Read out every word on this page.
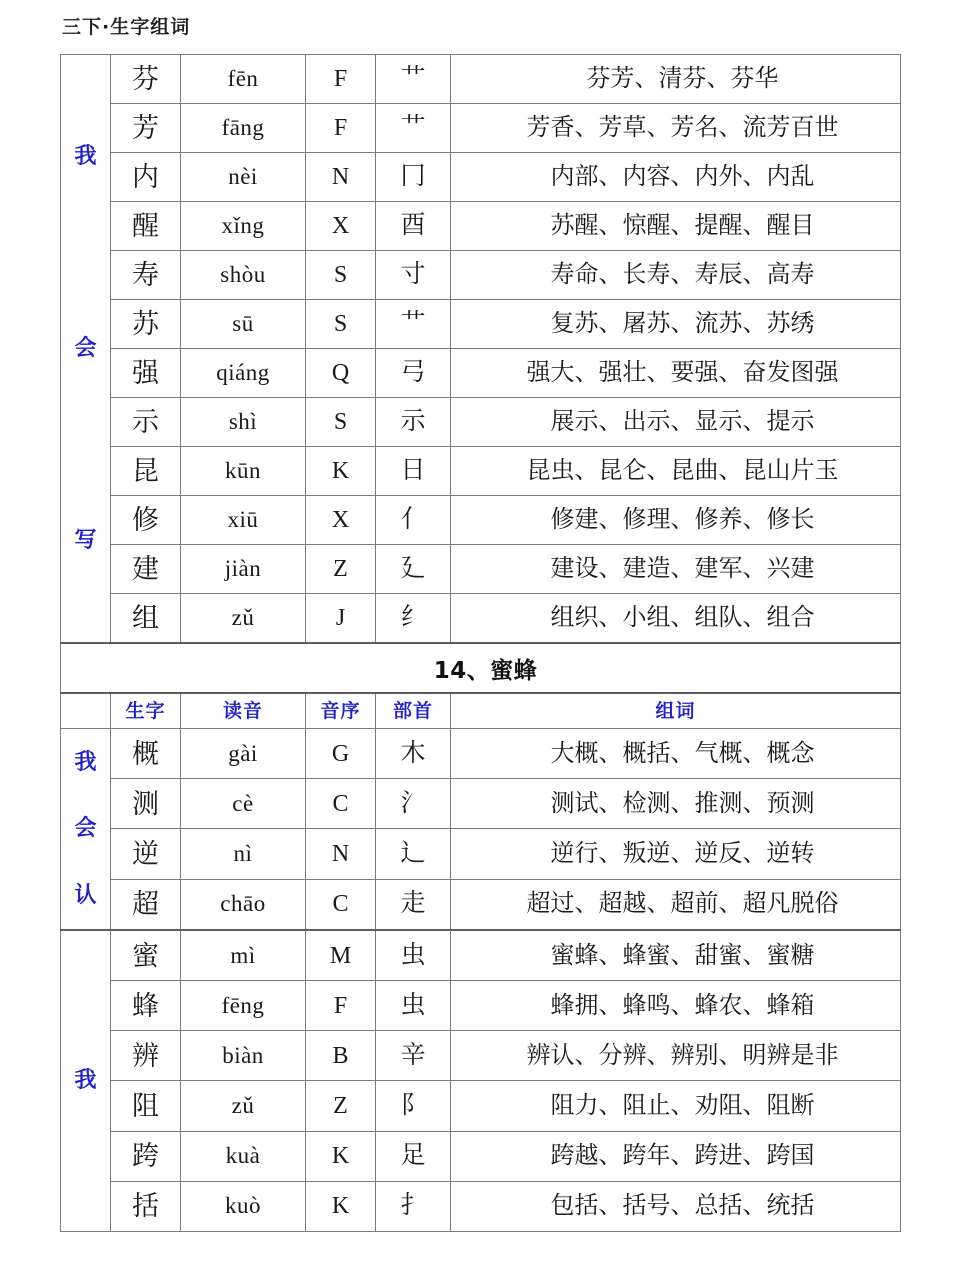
三下·生字组词
我
会
写	芬	fēn	F	艹	芬芳、清芬、芬华
	芳	fāng	F	艹	芳香、芳草、芳名、流芳百世
	内	nèi	N	冂	内部、内容、内外、内乱
	醒	xǐng	X	酉	苏醒、惊醒、提醒、醒目
	寿	shòu	S	寸	寿命、长寿、寿辰、高寿
	苏	sū	S	艹	复苏、屠苏、流苏、苏绣
	强	qiáng	Q	弓	强大、强壮、要强、奋发图强
	示	shì	S	示	展示、出示、显示、提示
	昆	kūn	K	日	昆虫、昆仑、昆曲、昆山片玉
	修	xiū	X	亻	修建、修理、修养、修长
	建	jiàn	Z	廴	建设、建造、建军、兴建
	组	zǔ	J	纟	组织、小组、组队、组合
14、蜜蜂					

	生字	读音	音序	部首	组词

我
会
认	概	gài	G	木	大概、概括、气概、概念
	测	cè	C	氵	测试、检测、推测、预测
	逆	nì	N	辶	逆行、叛逆、逆反、逆转
	超	chāo	C	走	超过、超越、超前、超凡脱俗

我	蜜	mì	M	虫	蜜蜂、蜂蜜、甜蜜、蜜糖
	蜂	fēng	F	虫	蜂拥、蜂鸣、蜂农、蜂箱
	辨	biàn	B	辛	辨认、分辨、辨别、明辨是非
	阻	zǔ	Z	阝	阻力、阻止、劝阻、阻断
	跨	kuà	K	足	跨越、跨年、跨进、跨国
	括	kuò	K	扌	包括、括号、总括、统括
